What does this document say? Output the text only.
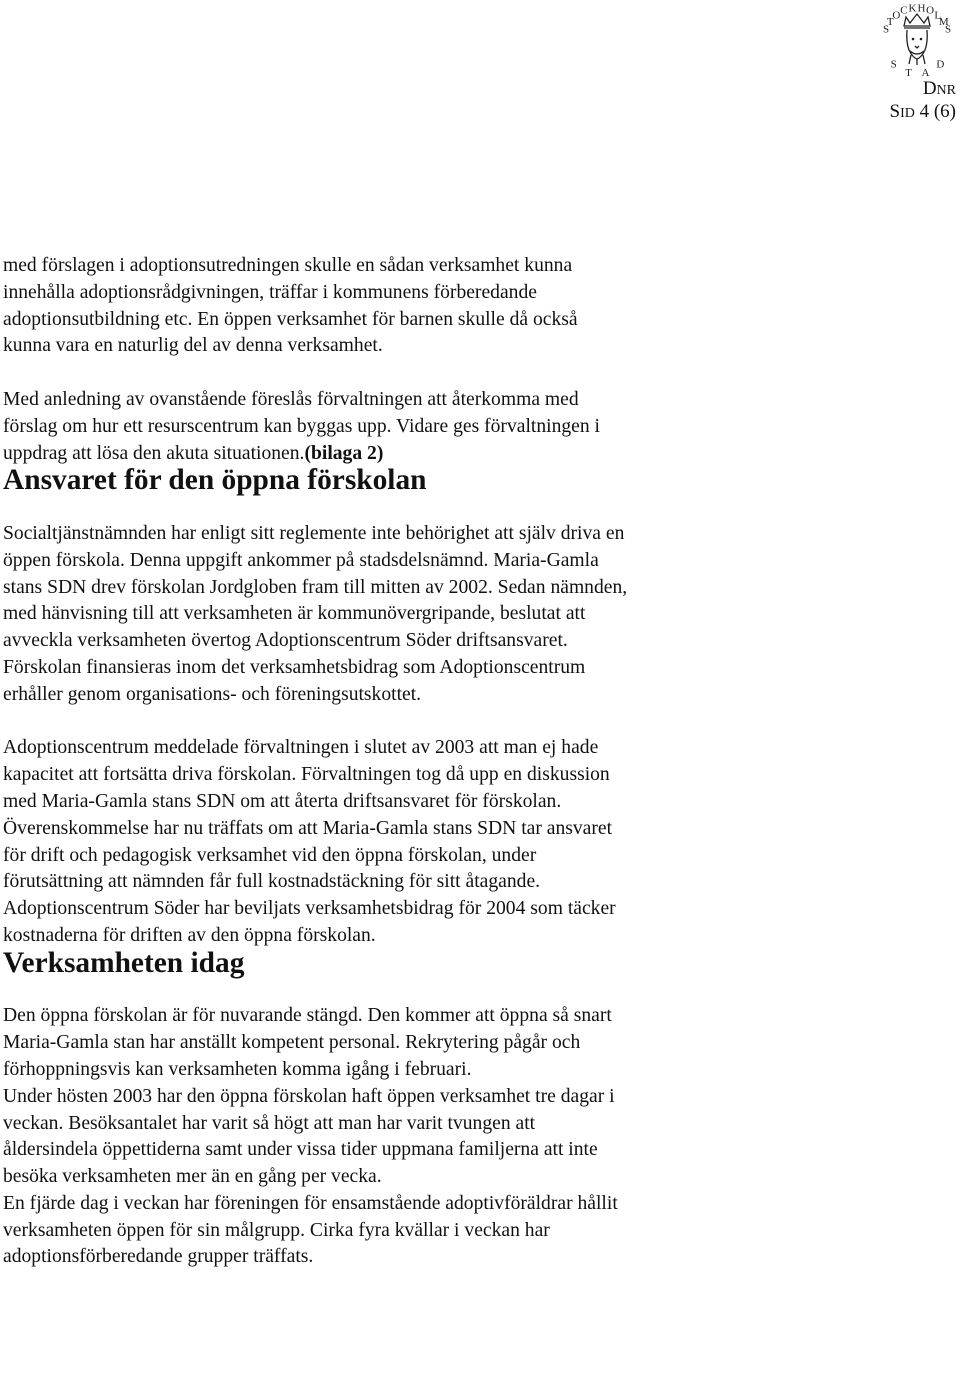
S
T
O C K H O L
M
S
S
T A
D
DNR
SID 4 (6)

med förslagen i adoptionsutredningen skulle en sådan verksamhet kunna
innehålla adoptionsrådgivningen, träffar i kommunens förberedande
adoptionsutbildning etc. En öppen verksamhet för barnen skulle då också
kunna vara en naturlig del av denna verksamhet.

Med anledning av ovanstående föreslås förvaltningen att återkomma med
förslag om hur ett resurscentrum kan byggas upp. Vidare ges förvaltningen i
uppdrag att lösa den akuta situationen.(bilaga 2)

Ansvaret för den öppna förskolan

Socialtjänstnämnden har enligt sitt reglemente inte behörighet att själv driva en
öppen förskola. Denna uppgift ankommer på stadsdelsnämnd. Maria-Gamla
stans SDN drev förskolan Jordgloben fram till mitten av 2002. Sedan nämnden,
med hänvisning till att verksamheten är kommunövergripande, beslutat att
avveckla verksamheten övertog Adoptionscentrum Söder driftsansvaret.
Förskolan finansieras inom det verksamhetsbidrag som Adoptionscentrum
erhåller genom organisations- och föreningsutskottet.

Adoptionscentrum meddelade förvaltningen i slutet av 2003 att man ej hade
kapacitet att fortsätta driva förskolan. Förvaltningen tog då upp en diskussion
med Maria-Gamla stans SDN om att återta driftsansvaret för förskolan.
Överenskommelse har nu träffats om att Maria-Gamla stans SDN tar ansvaret
för drift och pedagogisk verksamhet vid den öppna förskolan, under
förutsättning att nämnden får full kostnadstäckning för sitt åtagande.
Adoptionscentrum Söder har beviljats verksamhetsbidrag för 2004 som täcker
kostnaderna för driften av den öppna förskolan.

Verksamheten idag

Den öppna förskolan är för nuvarande stängd. Den kommer att öppna så snart
Maria-Gamla stan har anställt kompetent personal. Rekrytering pågår och
förhoppningsvis kan verksamheten komma igång i februari.
Under hösten 2003 har den öppna förskolan haft öppen verksamhet tre dagar i
veckan. Besöksantalet har varit så högt att man har varit tvungen att
åldersindela öppettiderna samt under vissa tider uppmana familjerna att inte
besöka verksamheten mer än en gång per vecka.
En fjärde dag i veckan har föreningen för ensamstående adoptivföräldrar hållit
verksamheten öppen för sin målgrupp. Cirka fyra kvällar i veckan har
adoptionsförberedande grupper träffats.
